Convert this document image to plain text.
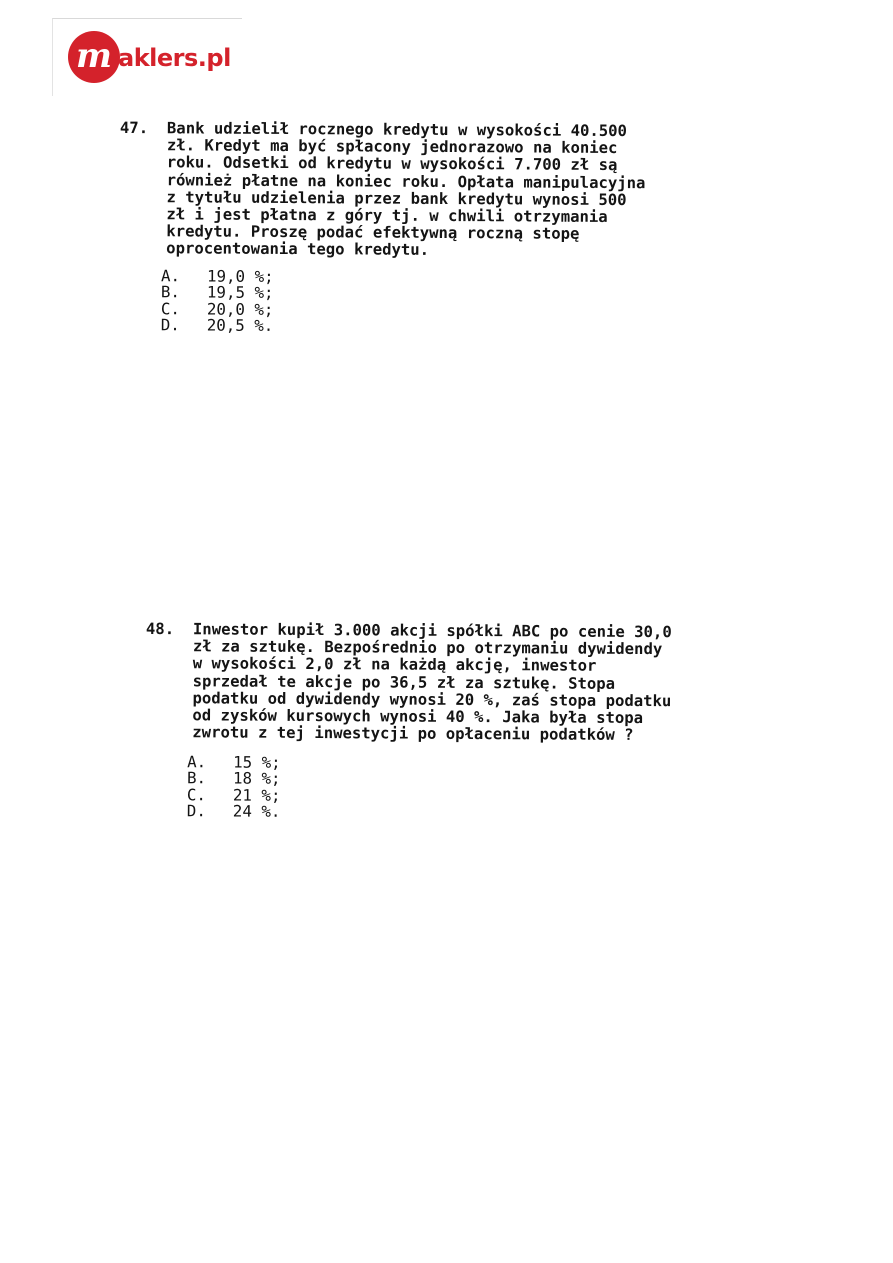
m aklers.pl
47. Bank udzielił rocznego kredytu w wysokości 40.500
zł. Kredyt ma być spłacony jednorazowo na koniec
roku. Odsetki od kredytu w wysokości 7.700 zł są
również płatne na koniec roku. Opłata manipulacyjna
z tytułu udzielenia przez bank kredytu wynosi 500
zł i jest płatna z góry tj. w chwili otrzymania
kredytu. Proszę podać efektywną roczną stopę
oprocentowania tego kredytu.
A. 19,0 %;
B. 19,5 %;
C. 20,0 %;
D. 20,5 %.
48. Inwestor kupił 3.000 akcji spółki ABC po cenie 30,0
zł za sztukę. Bezpośrednio po otrzymaniu dywidendy
w wysokości 2,0 zł na każdą akcję, inwestor
sprzedał te akcje po 36,5 zł za sztukę. Stopa
podatku od dywidendy wynosi 20 %, zaś stopa podatku
od zysków kursowych wynosi 40 %. Jaka była stopa
zwrotu z tej inwestycji po opłaceniu podatków ?
A. 15 %;
B. 18 %;
C. 21 %;
D. 24 %.
